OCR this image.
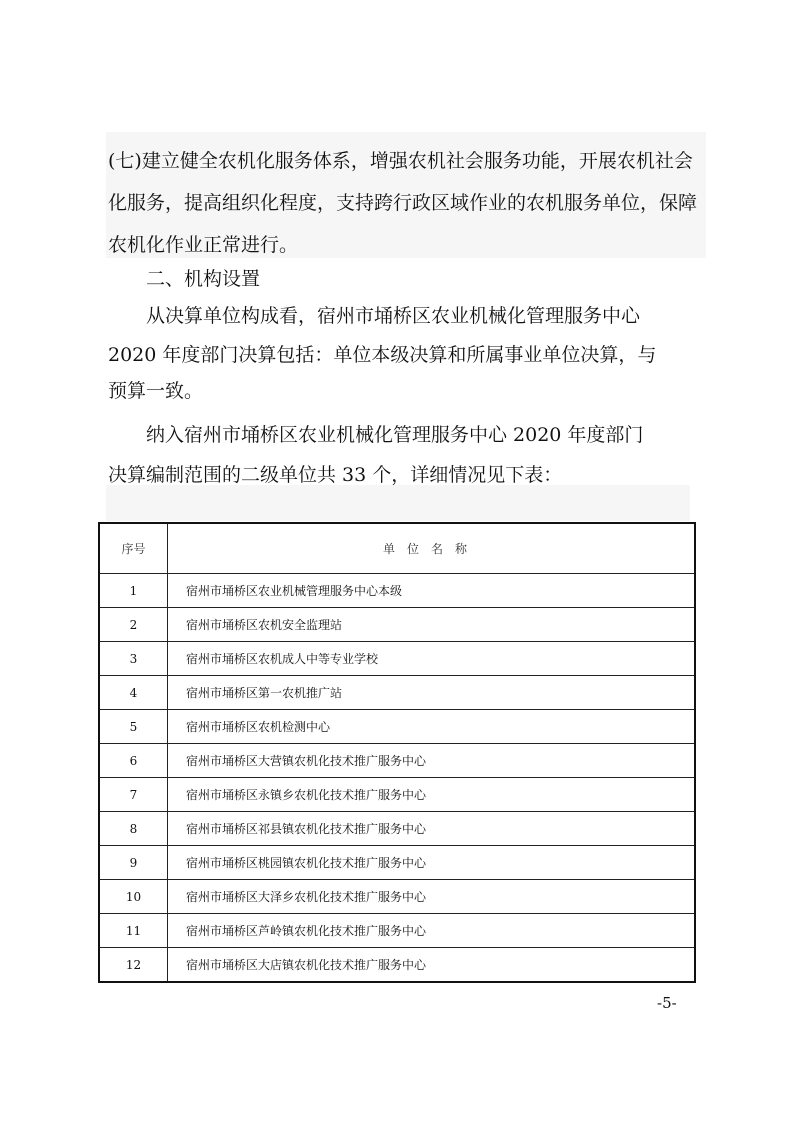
(七)建立健全农机化服务体系，增强农机社会服务功能，开展农机社会
化服务，提高组织化程度，支持跨行政区域作业的农机服务单位，保障
农机化作业正常进行。
二、机构设置
从决算单位构成看，宿州市埇桥区农业机械化管理服务中心
2020 年度部门决算包括：单位本级决算和所属事业单位决算，与
预算一致。
纳入宿州市埇桥区农业机械化管理服务中心 2020 年度部门
决算编制范围的二级单位共 33 个，详细情况见下表：
序号	单位名称
1	宿州市埇桥区农业机械管理服务中心本级
2	宿州市埇桥区农机安全监理站
3	宿州市埇桥区农机成人中等专业学校
4	宿州市埇桥区第一农机推广站
5	宿州市埇桥区农机检测中心
6	宿州市埇桥区大营镇农机化技术推广服务中心
7	宿州市埇桥区永镇乡农机化技术推广服务中心
8	宿州市埇桥区祁县镇农机化技术推广服务中心
9	宿州市埇桥区桃园镇农机化技术推广服务中心
10	宿州市埇桥区大泽乡农机化技术推广服务中心
11	宿州市埇桥区芦岭镇农机化技术推广服务中心
12	宿州市埇桥区大店镇农机化技术推广服务中心
-5-
